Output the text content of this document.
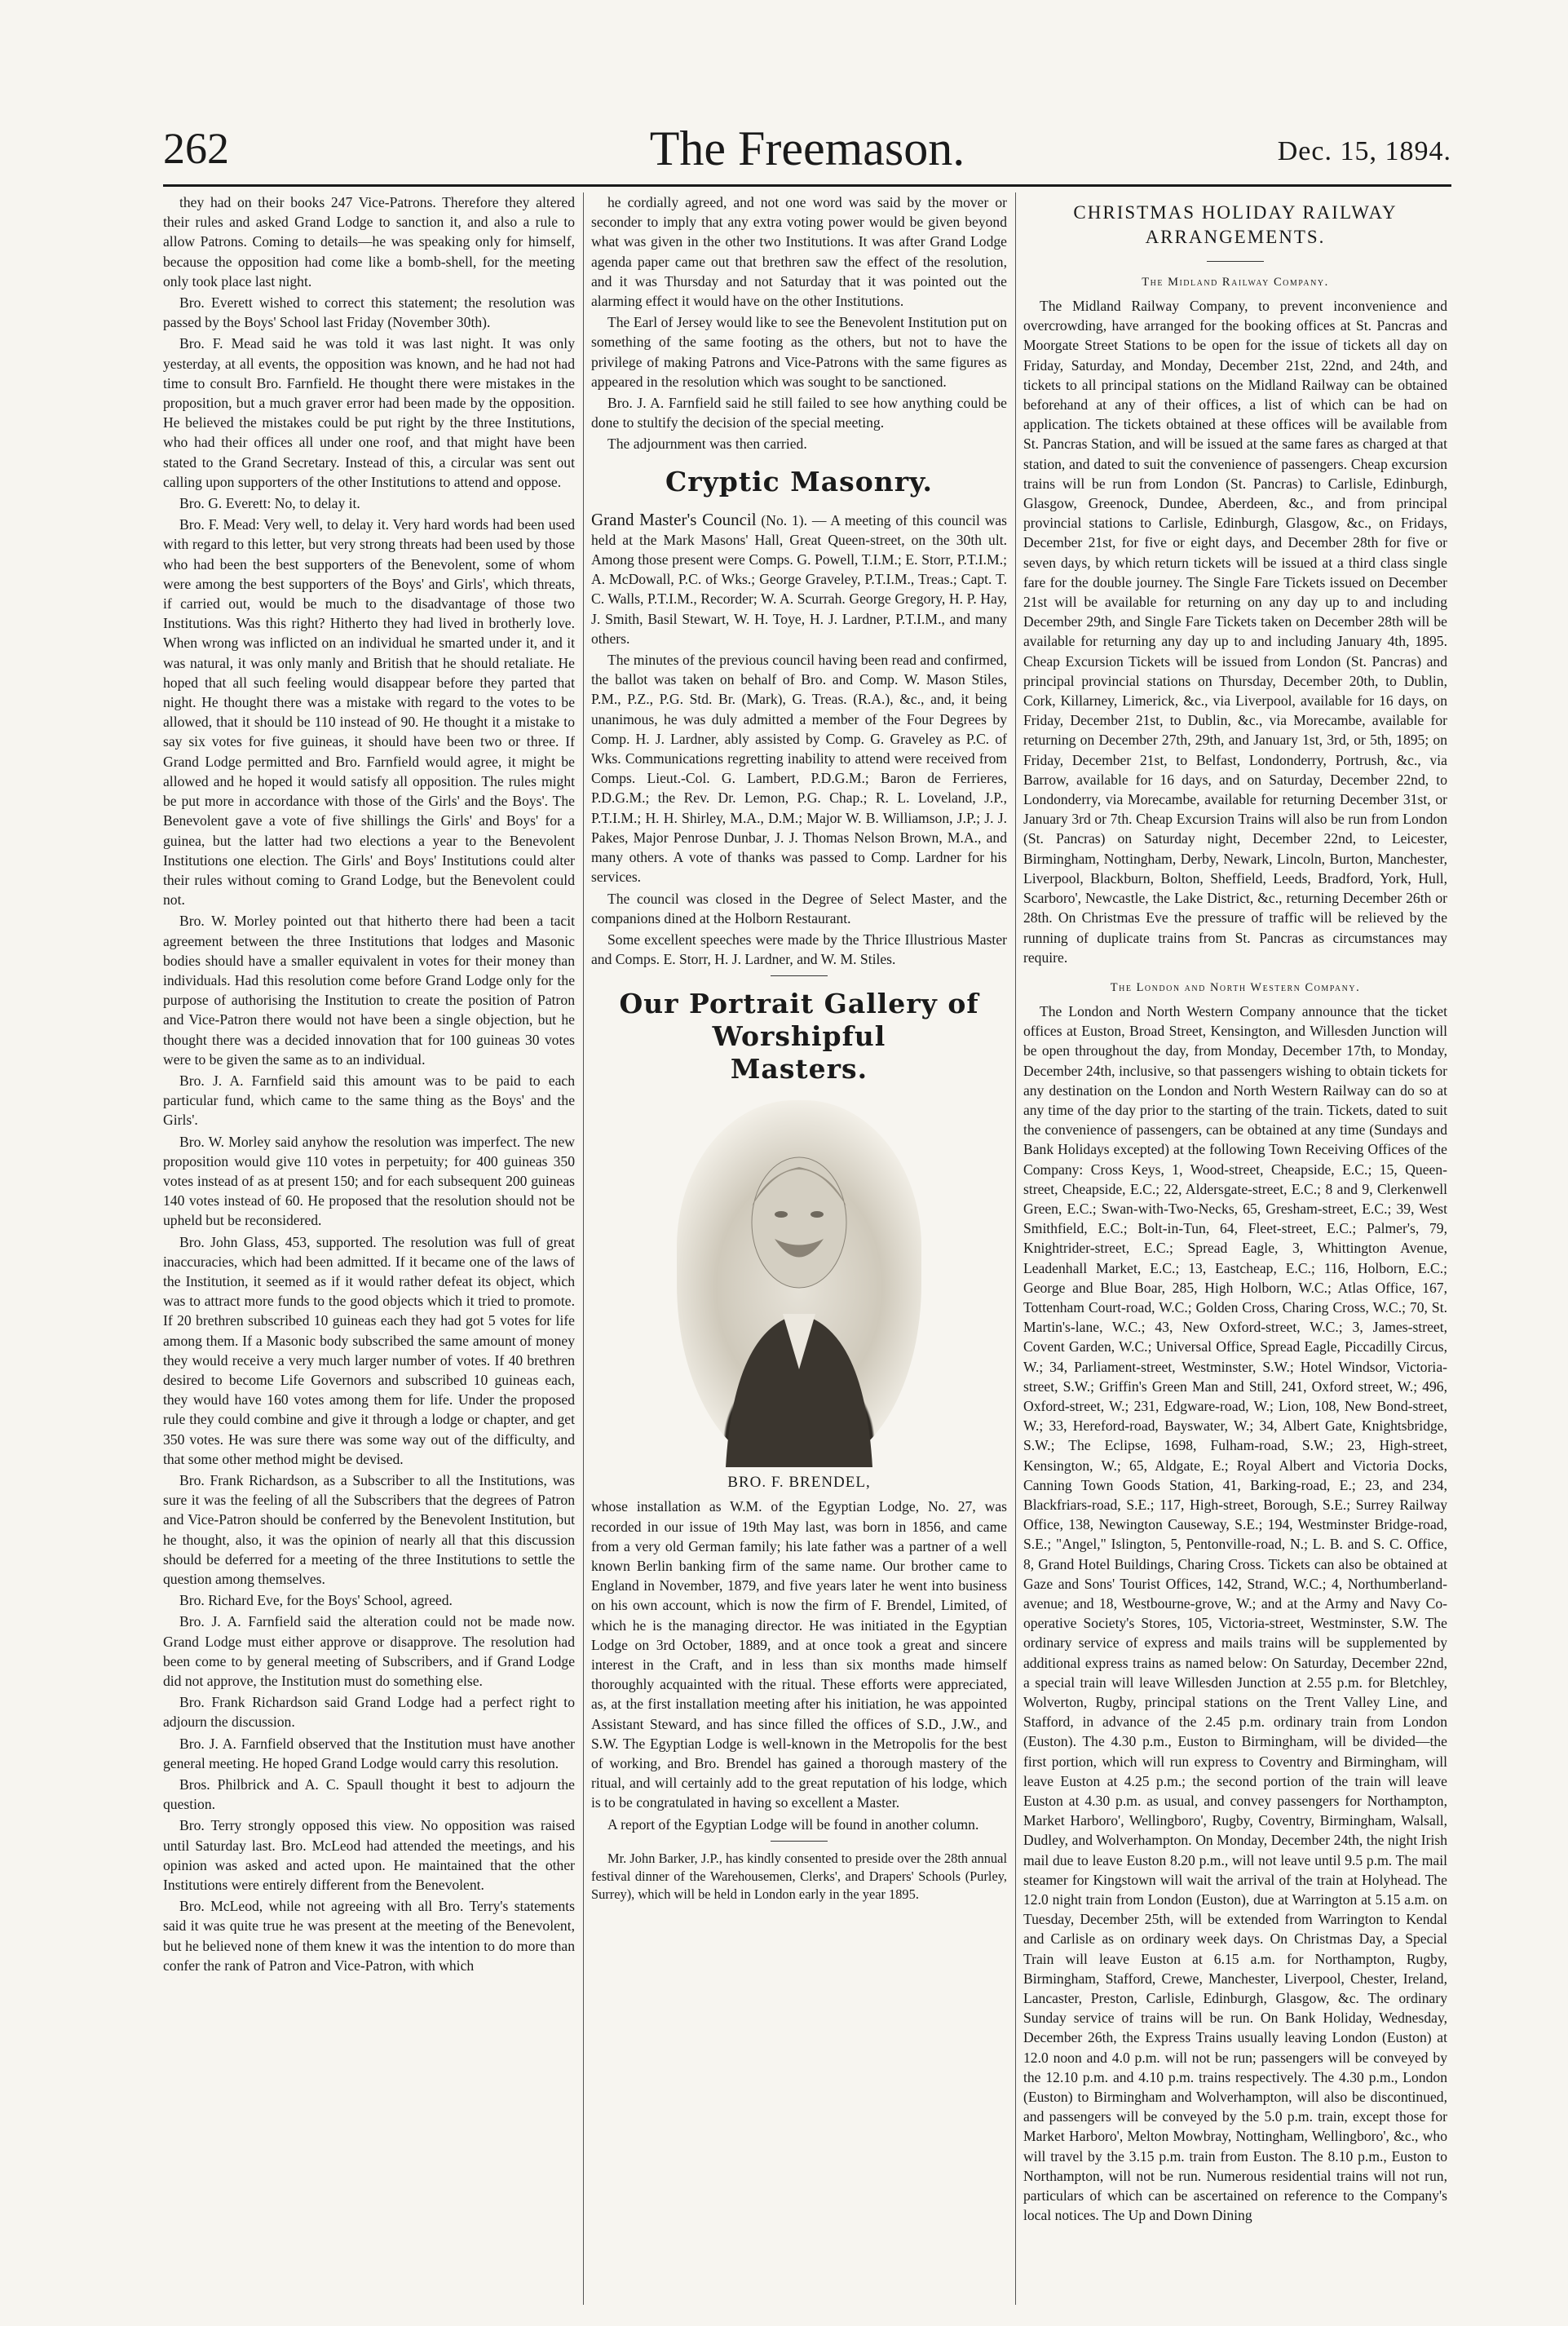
262	The Freemason.	Dec. 15, 1894.

they had on their books 247 Vice-Patrons. Therefore they altered their rules and asked Grand Lodge to sanction it, and also a rule to allow Patrons. Coming to details—he was speaking only for himself, because the opposition had come like a bomb-shell, for the meeting only took place last night.

Bro. Everett wished to correct this statement; the resolution was passed by the Boys' School last Friday (November 30th).

Bro. F. Mead said he was told it was last night. It was only yesterday, at all events, the opposition was known, and he had not had time to consult Bro. Farnfield. He thought there were mistakes in the proposition, but a much graver error had been made by the opposition. He believed the mistakes could be put right by the three Institutions, who had their offices all under one roof, and that might have been stated to the Grand Secretary. Instead of this, a circular was sent out calling upon supporters of the other Institutions to attend and oppose.

Bro. G. Everett: No, to delay it.

Bro. F. Mead: Very well, to delay it. Very hard words had been used with regard to this letter, but very strong threats had been used by those who had been the best supporters of the Benevolent, some of whom were among the best supporters of the Boys' and Girls', which threats, if carried out, would be much to the disadvantage of those two Institutions. Was this right? Hitherto they had lived in brotherly love. When wrong was inflicted on an individual he smarted under it, and it was natural, it was only manly and British that he should retaliate. He hoped that all such feeling would disappear before they parted that night. He thought there was a mistake with regard to the votes to be allowed, that it should be 110 instead of 90. He thought it a mistake to say six votes for five guineas, it should have been two or three. If Grand Lodge permitted and Bro. Farnfield would agree, it might be allowed and he hoped it would satisfy all opposition. The rules might be put more in accordance with those of the Girls' and the Boys'. The Benevolent gave a vote of five shillings the Girls' and Boys' for a guinea, but the latter had two elections a year to the Benevolent Institutions one election. The Girls' and Boys' Institutions could alter their rules without coming to Grand Lodge, but the Benevolent could not.

Bro. W. Morley pointed out that hitherto there had been a tacit agreement between the three Institutions that lodges and Masonic bodies should have a smaller equivalent in votes for their money than individuals. Had this resolution come before Grand Lodge only for the purpose of authorising the Institution to create the position of Patron and Vice-Patron there would not have been a single objection, but he thought there was a decided innovation that for 100 guineas 30 votes were to be given the same as to an individual.

Bro. J. A. Farnfield said this amount was to be paid to each particular fund, which came to the same thing as the Boys' and the Girls'.

Bro. W. Morley said anyhow the resolution was imperfect. The new proposition would give 110 votes in perpetuity; for 400 guineas 350 votes instead of as at present 150; and for each subsequent 200 guineas 140 votes instead of 60. He proposed that the resolution should not be upheld but be reconsidered.

Bro. John Glass, 453, supported. The resolution was full of great inaccuracies, which had been admitted. If it became one of the laws of the Institution, it seemed as if it would rather defeat its object, which was to attract more funds to the good objects which it tried to promote. If 20 brethren subscribed 10 guineas each they had got 5 votes for life among them. If a Masonic body subscribed the same amount of money they would receive a very much larger number of votes. If 40 brethren desired to become Life Governors and subscribed 10 guineas each, they would have 160 votes among them for life. Under the proposed rule they could combine and give it through a lodge or chapter, and get 350 votes. He was sure there was some way out of the difficulty, and that some other method might be devised.

Bro. Frank Richardson, as a Subscriber to all the Institutions, was sure it was the feeling of all the Subscribers that the degrees of Patron and Vice-Patron should be conferred by the Benevolent Institution, but he thought, also, it was the opinion of nearly all that this discussion should be deferred for a meeting of the three Institutions to settle the question among themselves.

Bro. Richard Eve, for the Boys' School, agreed.

Bro. J. A. Farnfield said the alteration could not be made now. Grand Lodge must either approve or disapprove. The resolution had been come to by general meeting of Subscribers, and if Grand Lodge did not approve, the Institution must do something else.

Bro. Frank Richardson said Grand Lodge had a perfect right to adjourn the discussion.

Bro. J. A. Farnfield observed that the Institution must have another general meeting. He hoped Grand Lodge would carry this resolution.

Bros. Philbrick and A. C. Spaull thought it best to adjourn the question.

Bro. Terry strongly opposed this view. No opposition was raised until Saturday last. Bro. McLeod had attended the meetings, and his opinion was asked and acted upon. He maintained that the other Institutions were entirely different from the Benevolent.

Bro. McLeod, while not agreeing with all Bro. Terry's statements said it was quite true he was present at the meeting of the Benevolent, but he believed none of them knew it was the intention to do more than confer the rank of Patron and Vice-Patron, with which

he cordially agreed, and not one word was said by the mover or seconder to imply that any extra voting power would be given beyond what was given in the other two Institutions. It was after Grand Lodge agenda paper came out that brethren saw the effect of the resolution, and it was Thursday and not Saturday that it was pointed out the alarming effect it would have on the other Institutions.

The Earl of Jersey would like to see the Benevolent Institution put on something of the same footing as the others, but not to have the privilege of making Patrons and Vice-Patrons with the same figures as appeared in the resolution which was sought to be sanctioned.

Bro. J. A. Farnfield said he still failed to see how anything could be done to stultify the decision of the special meeting.

The adjournment was then carried.

Cryptic Masonry.

Grand Master's Council (No. 1). — A meeting of this council was held at the Mark Masons' Hall, Great Queen-street, on the 30th ult. Among those present were Comps. G. Powell, T.I.M.; E. Storr, P.T.I.M.; A. McDowall, P.C. of Wks.; George Graveley, P.T.I.M., Treas.; Capt. T. C. Walls, P.T.I.M., Recorder; W. A. Scurrah. George Gregory, H. P. Hay, J. Smith, Basil Stewart, W. H. Toye, H. J. Lardner, P.T.I.M., and many others.

The minutes of the previous council having been read and confirmed, the ballot was taken on behalf of Bro. and Comp. W. Mason Stiles, P.M., P.Z., P.G. Std. Br. (Mark), G. Treas. (R.A.), &c., and, it being unanimous, he was duly admitted a member of the Four Degrees by Comp. H. J. Lardner, ably assisted by Comp. G. Graveley as P.C. of Wks. Communications regretting inability to attend were received from Comps. Lieut.-Col. G. Lambert, P.D.G.M.; Baron de Ferrieres, P.D.G.M.; the Rev. Dr. Lemon, P.G. Chap.; R. L. Loveland, J.P., P.T.I.M.; H. H. Shirley, M.A., D.M.; Major W. B. Williamson, J.P.; J. J. Pakes, Major Penrose Dunbar, J. J. Thomas Nelson Brown, M.A., and many others. A vote of thanks was passed to Comp. Lardner for his services.

The council was closed in the Degree of Select Master, and the companions dined at the Holborn Restaurant.

Some excellent speeches were made by the Thrice Illustrious Master and Comps. E. Storr, H. J. Lardner, and W. M. Stiles.

Our Portrait Gallery of Worshipful
Masters.
BRO. F. BRENDEL,

whose installation as W.M. of the Egyptian Lodge, No. 27, was recorded in our issue of 19th May last, was born in 1856, and came from a very old German family; his late father was a partner of a well known Berlin banking firm of the same name. Our brother came to England in November, 1879, and five years later he went into business on his own account, which is now the firm of F. Brendel, Limited, of which he is the managing director. He was initiated in the Egyptian Lodge on 3rd October, 1889, and at once took a great and sincere interest in the Craft, and in less than six months made himself thoroughly acquainted with the ritual. These efforts were appreciated, as, at the first installation meeting after his initiation, he was appointed Assistant Steward, and has since filled the offices of S.D., J.W., and S.W. The Egyptian Lodge is well-known in the Metropolis for the best of working, and Bro. Brendel has gained a thorough mastery of the ritual, and will certainly add to the great reputation of his lodge, which is to be congratulated in having so excellent a Master.

A report of the Egyptian Lodge will be found in another column.

Mr. John Barker, J.P., has kindly consented to preside over the 28th annual festival dinner of the Warehousemen, Clerks', and Drapers' Schools (Purley, Surrey), which will be held in London early in the year 1895.

CHRISTMAS HOLIDAY RAILWAY
ARRANGEMENTS.
The Midland Railway Company.

The Midland Railway Company, to prevent inconvenience and overcrowding, have arranged for the booking offices at St. Pancras and Moorgate Street Stations to be open for the issue of tickets all day on Friday, Saturday, and Monday, December 21st, 22nd, and 24th, and tickets to all principal stations on the Midland Railway can be obtained beforehand at any of their offices, a list of which can be had on application. The tickets obtained at these offices will be available from St. Pancras Station, and will be issued at the same fares as charged at that station, and dated to suit the convenience of passengers. Cheap excursion trains will be run from London (St. Pancras) to Carlisle, Edinburgh, Glasgow, Greenock, Dundee, Aberdeen, &c., and from principal provincial stations to Carlisle, Edinburgh, Glasgow, &c., on Fridays, December 21st, for five or eight days, and December 28th for five or seven days, by which return tickets will be issued at a third class single fare for the double journey. The Single Fare Tickets issued on December 21st will be available for returning on any day up to and including December 29th, and Single Fare Tickets taken on December 28th will be available for returning any day up to and including January 4th, 1895. Cheap Excursion Tickets will be issued from London (St. Pancras) and principal provincial stations on Thursday, December 20th, to Dublin, Cork, Killarney, Limerick, &c., via Liverpool, available for 16 days, on Friday, December 21st, to Dublin, &c., via Morecambe, available for returning on December 27th, 29th, and January 1st, 3rd, or 5th, 1895; on Friday, December 21st, to Belfast, Londonderry, Portrush, &c., via Barrow, available for 16 days, and on Saturday, December 22nd, to Londonderry, via Morecambe, available for returning December 31st, or January 3rd or 7th. Cheap Excursion Trains will also be run from London (St. Pancras) on Saturday night, December 22nd, to Leicester, Birmingham, Nottingham, Derby, Newark, Lincoln, Burton, Manchester, Liverpool, Blackburn, Bolton, Sheffield, Leeds, Bradford, York, Hull, Scarboro', Newcastle, the Lake District, &c., returning December 26th or 28th. On Christmas Eve the pressure of traffic will be relieved by the running of duplicate trains from St. Pancras as circumstances may require.

The London and North Western Company.

The London and North Western Company announce that the ticket offices at Euston, Broad Street, Kensington, and Willesden Junction will be open throughout the day, from Monday, December 17th, to Monday, December 24th, inclusive, so that passengers wishing to obtain tickets for any destination on the London and North Western Railway can do so at any time of the day prior to the starting of the train. Tickets, dated to suit the convenience of passengers, can be obtained at any time (Sundays and Bank Holidays excepted) at the following Town Receiving Offices of the Company: Cross Keys, 1, Wood-street, Cheapside, E.C.; 15, Queen-street, Cheapside, E.C.; 22, Aldersgate-street, E.C.; 8 and 9, Clerkenwell Green, E.C.; Swan-with-Two-Necks, 65, Gresham-street, E.C.; 39, West Smithfield, E.C.; Bolt-in-Tun, 64, Fleet-street, E.C.; Palmer's, 79, Knightrider-street, E.C.; Spread Eagle, 3, Whittington Avenue, Leadenhall Market, E.C.; 13, Eastcheap, E.C.; 116, Holborn, E.C.; George and Blue Boar, 285, High Holborn, W.C.; Atlas Office, 167, Tottenham Court-road, W.C.; Golden Cross, Charing Cross, W.C.; 70, St. Martin's-lane, W.C.; 43, New Oxford-street, W.C.; 3, James-street, Covent Garden, W.C.; Universal Office, Spread Eagle, Piccadilly Circus, W.; 34, Parliament-street, Westminster, S.W.; Hotel Windsor, Victoria-street, S.W.; Griffin's Green Man and Still, 241, Oxford street, W.; 496, Oxford-street, W.; 231, Edgware-road, W.; Lion, 108, New Bond-street, W.; 33, Hereford-road, Bayswater, W.; 34, Albert Gate, Knightsbridge, S.W.; The Eclipse, 1698, Fulham-road, S.W.; 23, High-street, Kensington, W.; 65, Aldgate, E.; Royal Albert and Victoria Docks, Canning Town Goods Station, 41, Barking-road, E.; 23, and 234, Blackfriars-road, S.E.; 117, High-street, Borough, S.E.; Surrey Railway Office, 138, Newington Causeway, S.E.; 194, Westminster Bridge-road, S.E.; "Angel," Islington, 5, Pentonville-road, N.; L. B. and S. C. Office, 8, Grand Hotel Buildings, Charing Cross. Tickets can also be obtained at Gaze and Sons' Tourist Offices, 142, Strand, W.C.; 4, Northumberland-avenue; and 18, Westbourne-grove, W.; and at the Army and Navy Co-operative Society's Stores, 105, Victoria-street, Westminster, S.W. The ordinary service of express and mails trains will be supplemented by additional express trains as named below: On Saturday, December 22nd, a special train will leave Willesden Junction at 2.55 p.m. for Bletchley, Wolverton, Rugby, principal stations on the Trent Valley Line, and Stafford, in advance of the 2.45 p.m. ordinary train from London (Euston). The 4.30 p.m., Euston to Birmingham, will be divided—the first portion, which will run express to Coventry and Birmingham, will leave Euston at 4.25 p.m.; the second portion of the train will leave Euston at 4.30 p.m. as usual, and convey passengers for Northampton, Market Harboro', Wellingboro', Rugby, Coventry, Birmingham, Walsall, Dudley, and Wolverhampton. On Monday, December 24th, the night Irish mail due to leave Euston 8.20 p.m., will not leave until 9.5 p.m. The mail steamer for Kingstown will wait the arrival of the train at Holyhead. The 12.0 night train from London (Euston), due at Warrington at 5.15 a.m. on Tuesday, December 25th, will be extended from Warrington to Kendal and Carlisle as on ordinary week days. On Christmas Day, a Special Train will leave Euston at 6.15 a.m. for Northampton, Rugby, Birmingham, Stafford, Crewe, Manchester, Liverpool, Chester, Ireland, Lancaster, Preston, Carlisle, Edinburgh, Glasgow, &c. The ordinary Sunday service of trains will be run. On Bank Holiday, Wednesday, December 26th, the Express Trains usually leaving London (Euston) at 12.0 noon and 4.0 p.m. will not be run; passengers will be conveyed by the 12.10 p.m. and 4.10 p.m. trains respectively. The 4.30 p.m., London (Euston) to Birmingham and Wolverhampton, will also be discontinued, and passengers will be conveyed by the 5.0 p.m. train, except those for Market Harboro', Melton Mowbray, Nottingham, Wellingboro', &c., who will travel by the 3.15 p.m. train from Euston. The 8.10 p.m., Euston to Northampton, will not be run. Numerous residential trains will not run, particulars of which can be ascertained on reference to the Company's local notices. The Up and Down Dining
